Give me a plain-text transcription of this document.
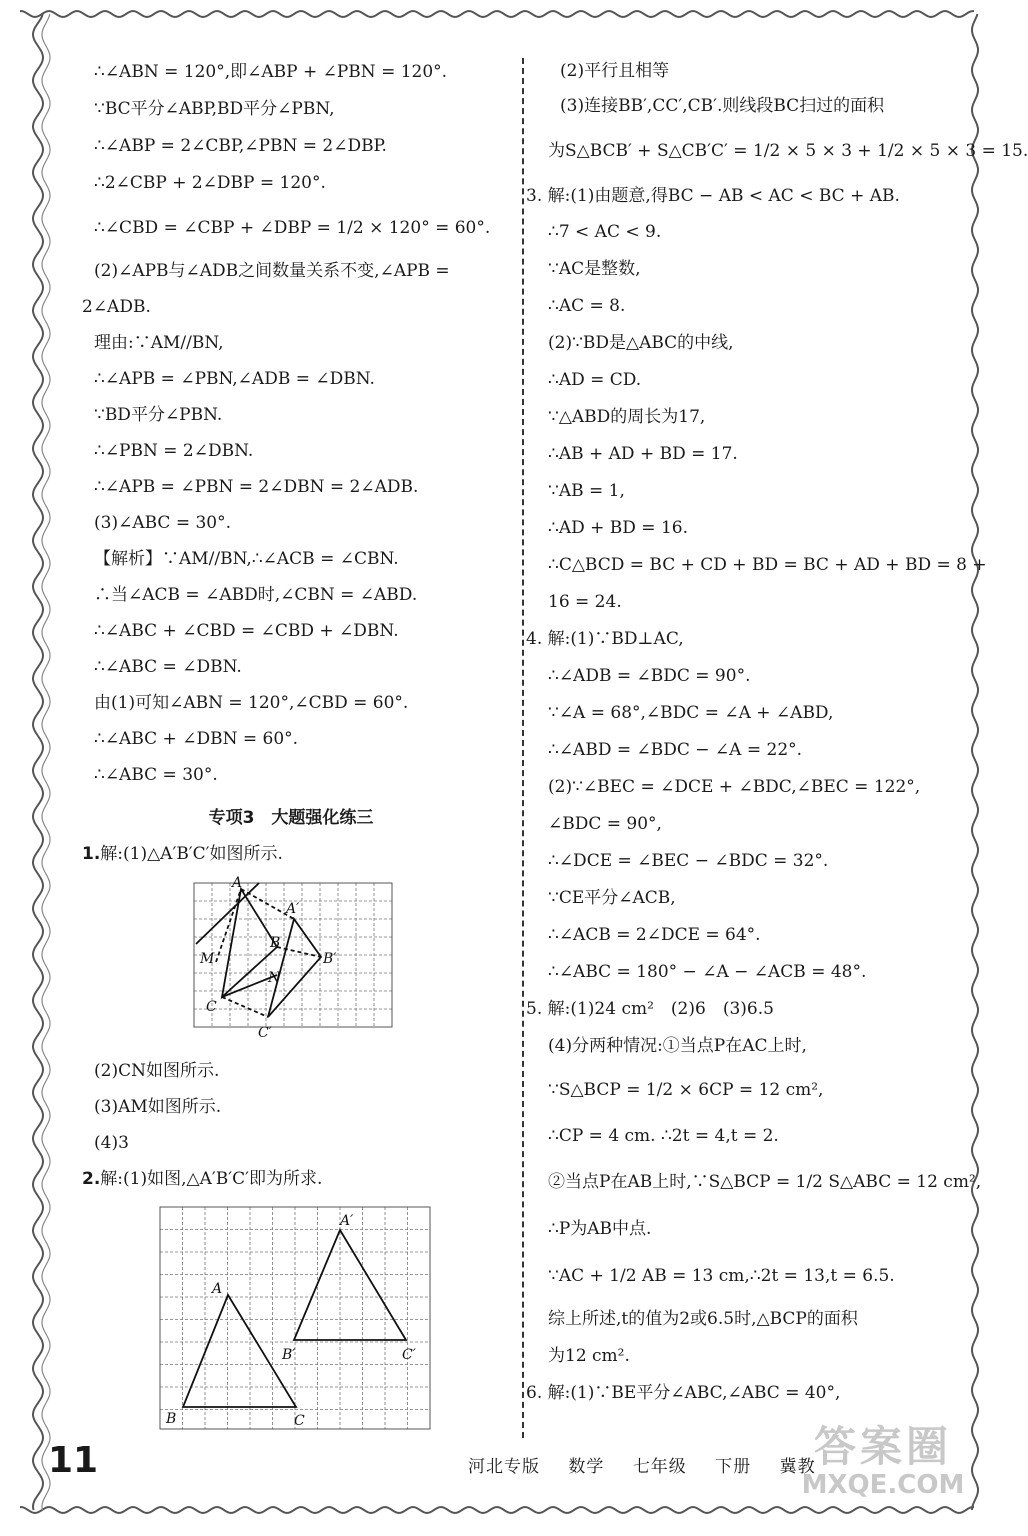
∴∠ABN = 120°,即∠ABP + ∠PBN = 120°.
∵BC平分∠ABP,BD平分∠PBN,
∴∠ABP = 2∠CBP,∠PBN = 2∠DBP.
∴2∠CBP + 2∠DBP = 120°.
∴∠CBD = ∠CBP + ∠DBP = 1/2 × 120° = 60°.
(2)∠APB与∠ADB之间数量关系不变,∠APB =
2∠ADB.
理由:∵AM//BN,
∴∠APB = ∠PBN,∠ADB = ∠DBN.
∵BD平分∠PBN.
∴∠PBN = 2∠DBN.
∴∠APB = ∠PBN = 2∠DBN = 2∠ADB.
(3)∠ABC = 30°.
【解析】∵AM//BN,∴∠ACB = ∠CBN.
∴当∠ACB = ∠ABD时,∠CBN = ∠ABD.
∴∠ABC + ∠CBD = ∠CBD + ∠DBN.
∴∠ABC = ∠DBN.
由(1)可知∠ABN = 120°,∠CBD = 60°.
∴∠ABC + ∠DBN = 60°.
∴∠ABC = 30°.
专项3　大题强化练三
1.解:(1)△A′B′C′如图所示.
A
A′
B
B′
M
N
C
C′
(2)CN如图所示.
(3)AM如图所示.
(4)3
2.解:(1)如图,△A′B′C′即为所求.
A′
A
B′	C′
B	C
(2)平行且相等
(3)连接BB′,CC′,CB′.则线段BC扫过的面积
为S△BCB′ + S△CB′C′ = 1/2 × 5 × 3 + 1/2 × 5 × 3 = 15.
3. 解:(1)由题意,得BC − AB < AC < BC + AB.
∴7 < AC < 9.
∵AC是整数,
∴AC = 8.
(2)∵BD是△ABC的中线,
∴AD = CD.
∵△ABD的周长为17,
∴AB + AD + BD = 17.
∵AB = 1,
∴AD + BD = 16.
∴C△BCD = BC + CD + BD = BC + AD + BD = 8 +
16 = 24.
4. 解:(1)∵BD⊥AC,
∴∠ADB = ∠BDC = 90°.
∵∠A = 68°,∠BDC = ∠A + ∠ABD,
∴∠ABD = ∠BDC − ∠A = 22°.
(2)∵∠BEC = ∠DCE + ∠BDC,∠BEC = 122°,
∠BDC = 90°,
∴∠DCE = ∠BEC − ∠BDC = 32°.
∵CE平分∠ACB,
∴∠ACB = 2∠DCE = 64°.
∴∠ABC = 180° − ∠A − ∠ACB = 48°.
5. 解:(1)24 cm²　(2)6　(3)6.5
(4)分两种情况:①当点P在AC上时,
∵S△BCP = 1/2 × 6CP = 12 cm²,
∴CP = 4 cm. ∴2t = 4,t = 2.
②当点P在AB上时,∵S△BCP = 1/2 S△ABC = 12 cm²,
∴P为AB中点.
∵AC + 1/2 AB = 13 cm,∴2t = 13,t = 6.5.
综上所述,t的值为2或6.5时,△BCP的面积
为12 cm².
6. 解:(1)∵BE平分∠ABC,∠ABC = 40°,
11	河北专版 数学 七年级 下册 冀教
答案圈
MXQE.COM
